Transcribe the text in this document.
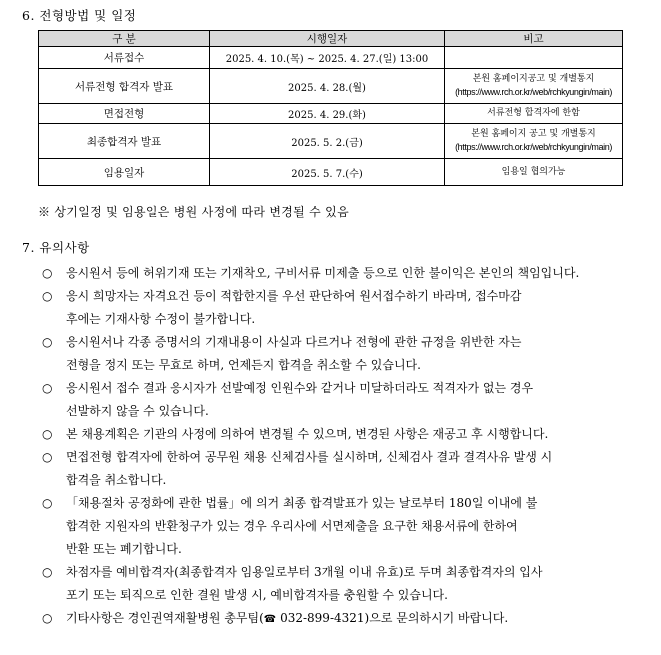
6. 전형방법 및 일정
구 분	시행일자	비고
서류접수	2025. 4. 10.(목) ~ 2025. 4. 27.(일) 13:00	
서류전형 합격자 발표	2025. 4. 28.(월)	본원 홈페이지공고 및 개별통지
(https://www.rch.or.kr/web/rchkyungin/main)

면접전형	2025. 4. 29.(화)	서류전형 합격자에 한함
최종합격자 발표	2025. 5. 2.(금)	본원 홈페이지 공고 및 개별통지
(https://www.rch.or.kr/web/rchkyungin/main)

임용일자	2025. 5. 7.(수)	임용일 협의가능
※ 상기일정 및 임용일은 병원 사정에 따라 변경될 수 있음
7. 유의사항
○ 응시원서 등에 허위기재 또는 기재착오, 구비서류 미제출 등으로 인한 불이익은 본인의 책임입니다.
○ 응시 희망자는 자격요건 등이 적합한지를 우선 판단하여 원서접수하기 바라며, 접수마감
후에는 기재사항 수정이 불가합니다.
○ 응시원서나 각종 증명서의 기재내용이 사실과 다르거나 전형에 관한 규정을 위반한 자는
전형을 정지 또는 무효로 하며, 언제든지 합격을 취소할 수 있습니다.
○ 응시원서 접수 결과 응시자가 선발예정 인원수와 같거나 미달하더라도 적격자가 없는 경우
선발하지 않을 수 있습니다.
○ 본 채용계획은 기관의 사정에 의하여 변경될 수 있으며, 변경된 사항은 재공고 후 시행합니다.
○ 면접전형 합격자에 한하여 공무원 채용 신체검사를 실시하며, 신체검사 결과 결격사유 발생 시
합격을 취소합니다.
○ 「채용절차 공정화에 관한 법률」에 의거 최종 합격발표가 있는 날로부터 180일 이내에 불
합격한 지원자의 반환청구가 있는 경우 우리사에 서면제출을 요구한 채용서류에 한하여
반환 또는 폐기합니다.
○ 차점자를 예비합격자(최종합격자 임용일로부터 3개월 이내 유효)로 두며 최종합격자의 입사
포기 또는 퇴직으로 인한 결원 발생 시, 예비합격자를 충원할 수 있습니다.
○ 기타사항은 경인권역재활병원 총무팀(☎ 032-899-4321)으로 문의하시기 바랍니다.
